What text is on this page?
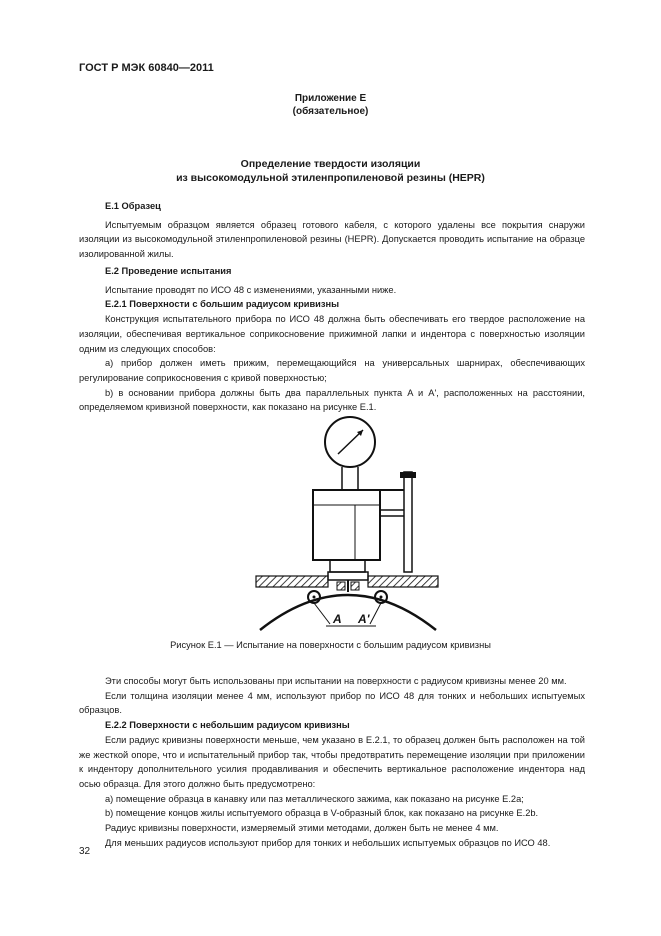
ГОСТ Р МЭК 60840—2011
Приложение Е
(обязательное)
Определение твердости изоляции
из высокомодульной этиленпропиленовой резины (HEPR)
Е.1 Образец

Испытуемым образцом является образец готового кабеля, с которого удалены все покрытия снаружи изоляции из высокомодульной этиленпропиленовой резины (HEPR). Допускается проводить испытание на образце изолированной жилы.

Е.2 Проведение испытания

Испытание проводят по ИСО 48 с изменениями, указанными ниже.

Е.2.1 Поверхности с большим радиусом кривизны

Конструкция испытательного прибора по ИСО 48 должна быть обеспечивать его твердое расположение на изоляции, обеспечивая вертикальное соприкосновение прижимной лапки и индентора с поверхностью изоляции одним из следующих способов:

а) прибор должен иметь прижим, перемещающийся на универсальных шарнирах, обеспечивающих регулирование соприкосновения с кривой поверхностью;

b) в основании прибора должны быть два параллельных пункта A и A', расположенных на расстоянии, определяемом кривизной поверхности, как показано на рисунке Е.1.

A A'
Рисунок Е.1 — Испытание на поверхности с большим радиусом кривизны

Эти способы могут быть использованы при испытании на поверхности с радиусом кривизны менее 20 мм.

Если толщина изоляции менее 4 мм, используют прибор по ИСО 48 для тонких и небольших испытуемых образцов.

Е.2.2 Поверхности с небольшим радиусом кривизны

Если радиус кривизны поверхности меньше, чем указано в Е.2.1, то образец должен быть расположен на той же жесткой опоре, что и испытательный прибор так, чтобы предотвратить перемещение изоляции при приложении к индентору дополнительного усилия продавливания и обеспечить вертикальное расположение индентора над осью образца. Для этого должно быть предусмотрено:

а) помещение образца в канавку или паз металлического зажима, как показано на рисунке Е.2а;

b) помещение концов жилы испытуемого образца в V-образный блок, как показано на рисунке Е.2b.

Радиус кривизны поверхности, измеряемый этими методами, должен быть не менее 4 мм.

Для меньших радиусов используют прибор для тонких и небольших испытуемых образцов по ИСО 48.

32
